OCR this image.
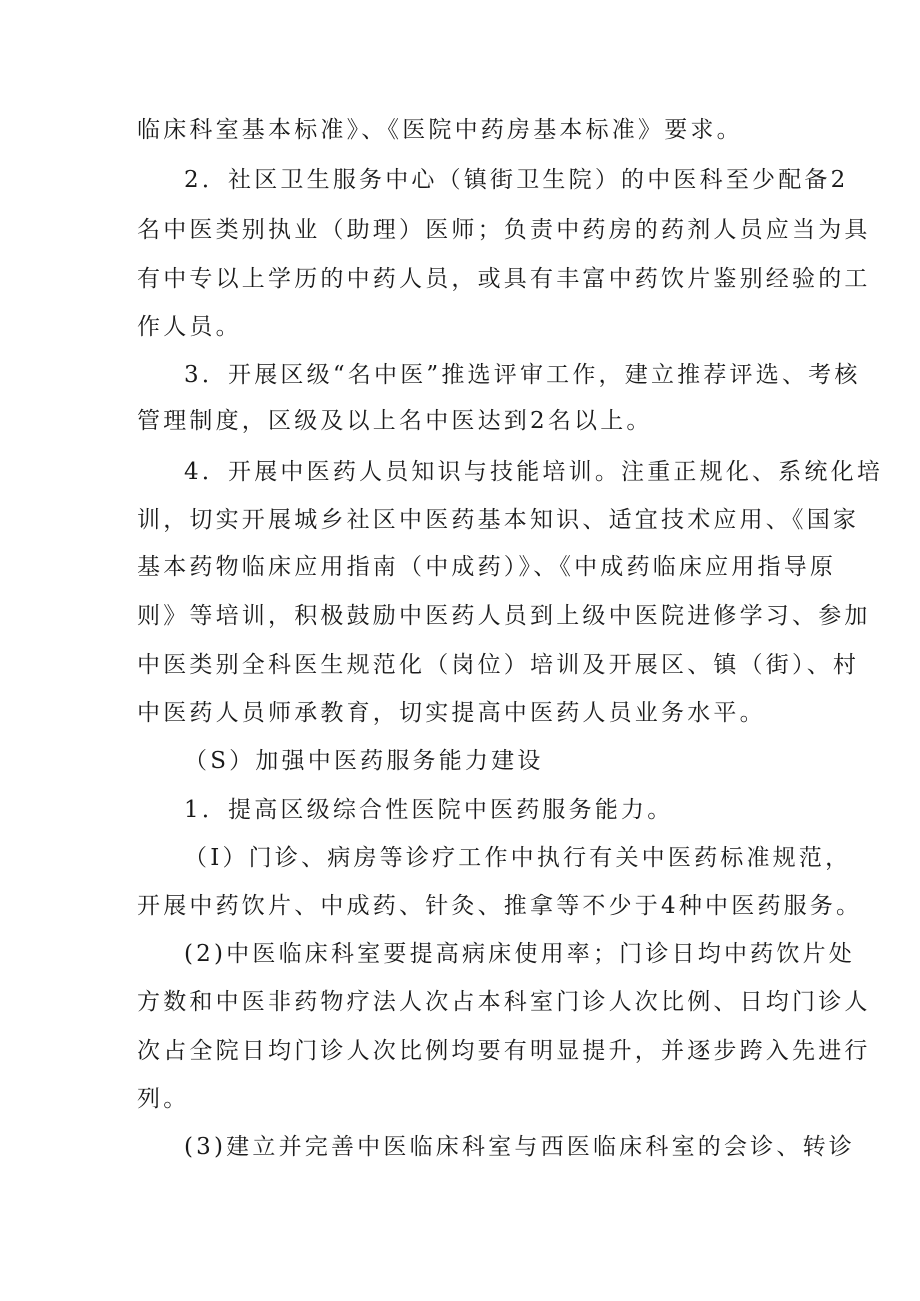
临床科室基本标准》、《医院中药房基本标准》要求。
2．社区卫生服务中心（镇街卫生院）的中医科至少配备2
名中医类别执业（助理）医师；负责中药房的药剂人员应当为具
有中专以上学历的中药人员，或具有丰富中药饮片鉴别经验的工
作人员。
3．开展区级“名中医”推选评审工作，建立推荐评选、考核
管理制度，区级及以上名中医达到2名以上。
4．开展中医药人员知识与技能培训。注重正规化、系统化培
训，切实开展城乡社区中医药基本知识、适宜技术应用、《国家
基本药物临床应用指南（中成药）》、《中成药临床应用指导原
则》等培训，积极鼓励中医药人员到上级中医院进修学习、参加
中医类别全科医生规范化（岗位）培训及开展区、镇（街）、村
中医药人员师承教育，切实提高中医药人员业务水平。
（S）加强中医药服务能力建设
1．提高区级综合性医院中医药服务能力。
（I）门诊、病房等诊疗工作中执行有关中医药标准规范，
开展中药饮片、中成药、针灸、推拿等不少于4种中医药服务。
(2)中医临床科室要提高病床使用率；门诊日均中药饮片处
方数和中医非药物疗法人次占本科室门诊人次比例、日均门诊人
次占全院日均门诊人次比例均要有明显提升，并逐步跨入先进行
列。
(3)建立并完善中医临床科室与西医临床科室的会诊、转诊
